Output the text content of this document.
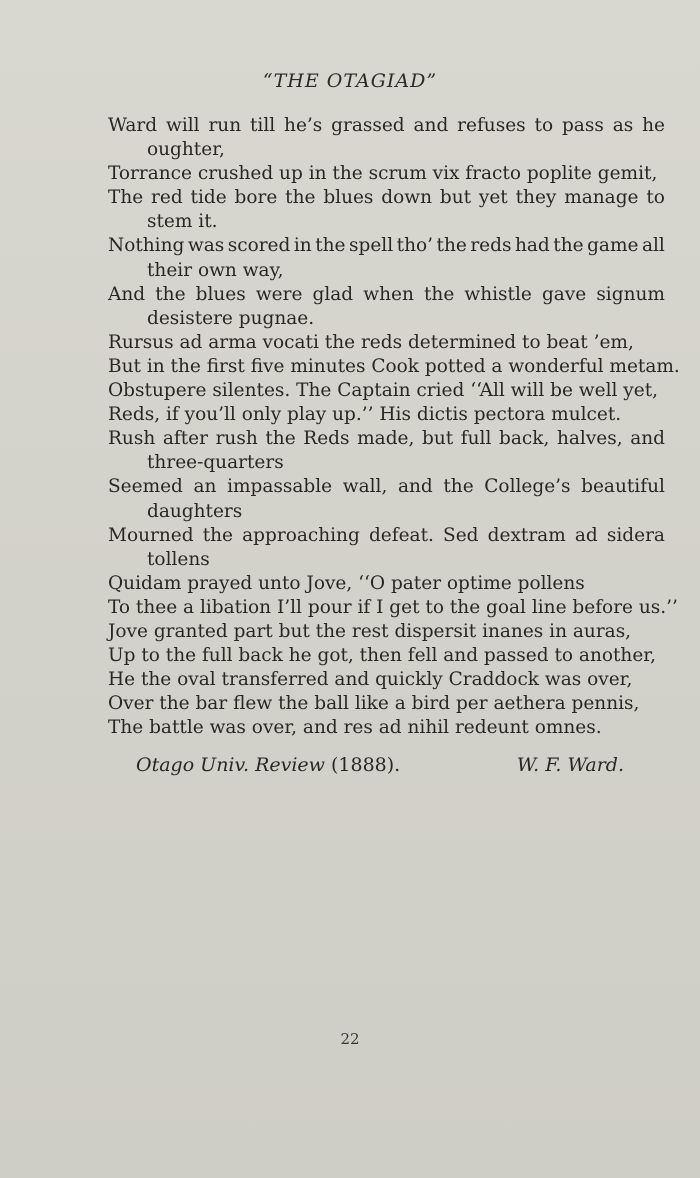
“THE OTAGIAD”
Ward will run till he’s grassed and refuses to pass as he
oughter,
Torrance crushed up in the scrum vix fracto poplite gemit,
The red tide bore the blues down but yet they manage to
stem it.
Nothing was scored in the spell tho’ the reds had the game all
their own way,
And the blues were glad when the whistle gave signum
desistere pugnae.
Rursus ad arma vocati the reds determined to beat ’em,
But in the first five minutes Cook potted a wonderful metam.
Obstupere silentes. The Captain cried ‘‘All will be well yet,
Reds, if you’ll only play up.’’ His dictis pectora mulcet.
Rush after rush the Reds made, but full back, halves, and
three-quarters
Seemed an impassable wall, and the College’s beautiful
daughters
Mourned the approaching defeat. Sed dextram ad sidera
tollens
Quidam prayed unto Jove, ‘‘O pater optime pollens
To thee a libation I’ll pour if I get to the goal line before us.’’
Jove granted part but the rest dispersit inanes in auras,
Up to the full back he got, then fell and passed to another,
He the oval transferred and quickly Craddock was over,
Over the bar flew the ball like a bird per aethera pennis,
The battle was over, and res ad nihil redeunt omnes.
Otago Univ. Review (1888).	W. F. Ward.
22
